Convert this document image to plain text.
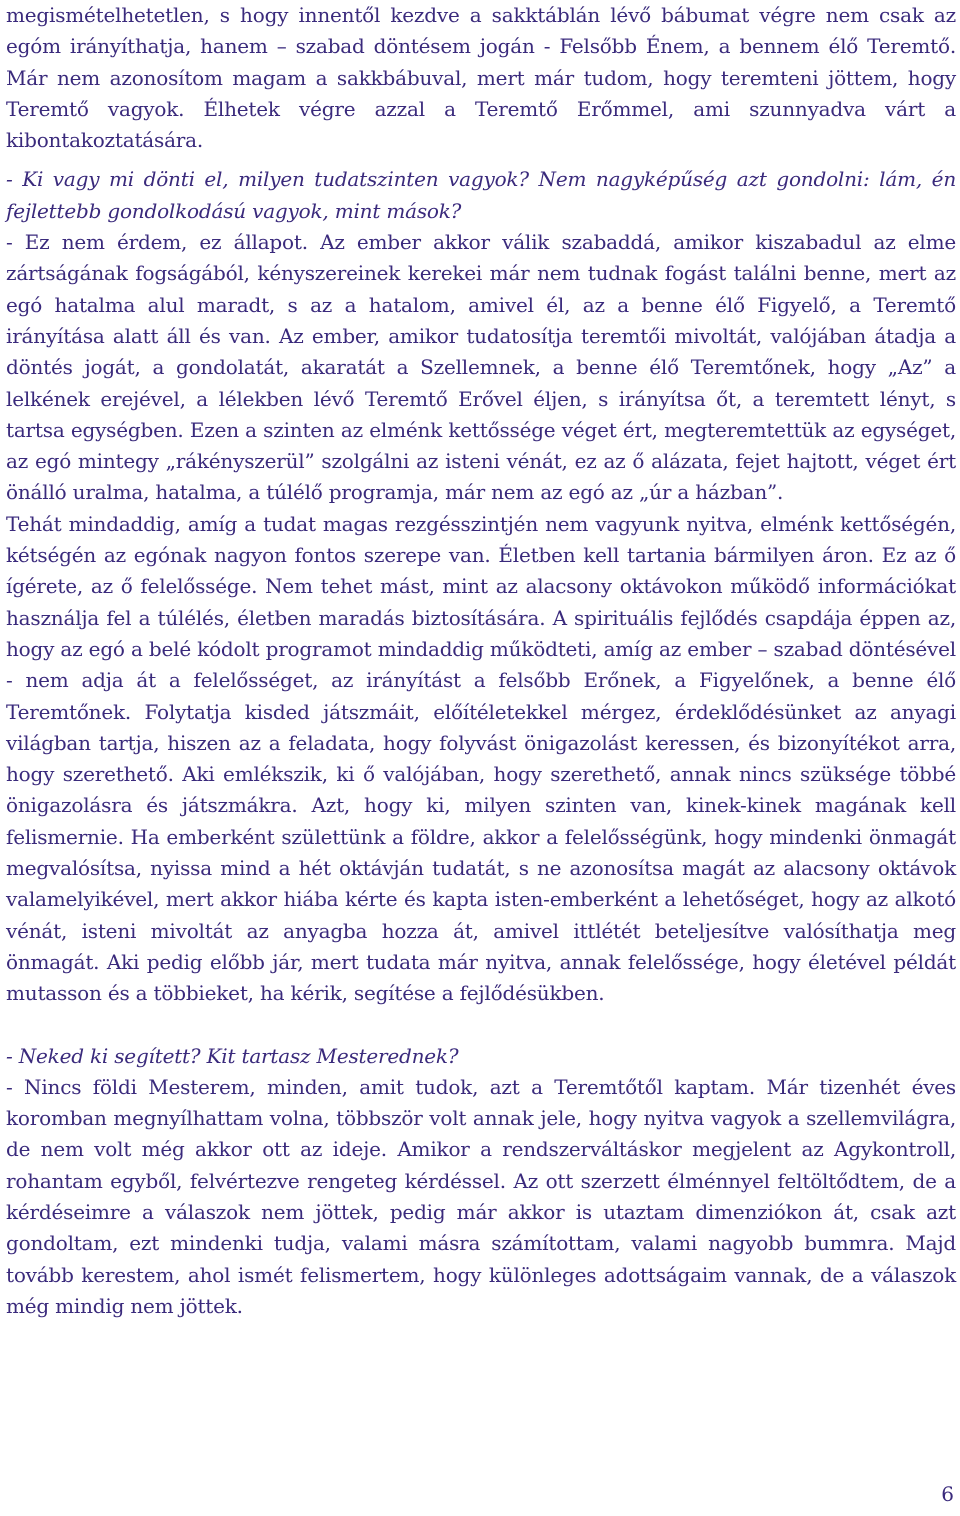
megismételhetetlen, s hogy innentől kezdve a sakktáblán lévő bábumat végre nem csak az egóm irányíthatja, hanem – szabad döntésem jogán - Felsőbb Énem, a bennem élő Teremtő. Már nem azonosítom magam a sakkbábuval, mert már tudom, hogy teremteni jöttem, hogy Teremtő vagyok. Élhetek végre azzal a Teremtő Erőmmel, ami szunnyadva várt a kibontakoztatására.

- Ki vagy mi dönti el, milyen tudatszinten vagyok? Nem nagyképűség azt gondolni: lám, én fejlettebb gondolkodású vagyok, mint mások?

- Ez nem érdem, ez állapot. Az ember akkor válik szabaddá, amikor kiszabadul az elme zártságának fogságából, kényszereinek kerekei már nem tudnak fogást találni benne, mert az egó hatalma alul maradt, s az a hatalom, amivel él, az a benne élő Figyelő, a Teremtő irányítása alatt áll és van. Az ember, amikor tudatosítja teremtői mivoltát, valójában átadja a döntés jogát, a gondolatát, akaratát a Szellemnek, a benne élő Teremtőnek, hogy „Az” a lelkének erejével, a lélekben lévő Teremtő Erővel éljen, s irányítsa őt, a teremtett lényt, s tartsa egységben. Ezen a szinten az elménk kettőssége véget ért, megteremtettük az egységet, az egó mintegy „rákényszerül” szolgálni az isteni vénát, ez az ő alázata, fejet hajtott, véget ért önálló uralma, hatalma, a túlélő programja, már nem az egó az „úr a házban”.

Tehát mindaddig, amíg a tudat magas rezgésszintjén nem vagyunk nyitva, elménk kettőségén, kétségén az egónak nagyon fontos szerepe van. Életben kell tartania bármilyen áron. Ez az ő ígérete, az ő felelőssége. Nem tehet mást, mint az alacsony oktávokon működő információkat használja fel a túlélés, életben maradás biztosítására. A spirituális fejlődés csapdája éppen az, hogy az egó a belé kódolt programot mindaddig működteti, amíg az ember – szabad döntésével - nem adja át a felelősséget, az irányítást a felsőbb Erőnek, a Figyelőnek, a benne élő Teremtőnek. Folytatja kisded játszmáit, előítéletekkel mérgez, érdeklődésünket az anyagi világban tartja, hiszen az a feladata, hogy folyvást önigazolást keressen, és bizonyítékot arra, hogy szerethető. Aki emlékszik, ki ő valójában, hogy szerethető, annak nincs szüksége többé önigazolásra és játszmákra. Azt, hogy ki, milyen szinten van, kinek-kinek magának kell felismernie. Ha emberként születtünk a földre, akkor a felelősségünk, hogy mindenki önmagát megvalósítsa, nyissa mind a hét oktávján tudatát, s ne azonosítsa magát az alacsony oktávok valamelyikével, mert akkor hiába kérte és kapta isten-emberként a lehetőséget, hogy az alkotó vénát, isteni mivoltát az anyagba hozza át, amivel ittlétét beteljesítve valósíthatja meg önmagát. Aki pedig előbb jár, mert tudata már nyitva, annak felelőssége, hogy életével példát mutasson és a többieket, ha kérik, segítése a fejlődésükben.

- Neked ki segített? Kit tartasz Mesterednek?

- Nincs földi Mesterem, minden, amit tudok, azt a Teremtőtől kaptam. Már tizenhét éves koromban megnyílhattam volna, többször volt annak jele, hogy nyitva vagyok a szellemvilágra, de nem volt még akkor ott az ideje. Amikor a rendszerváltáskor megjelent az Agykontroll, rohantam egyből, felvértezve rengeteg kérdéssel. Az ott szerzett élménnyel feltöltődtem, de a kérdéseimre a válaszok nem jöttek, pedig már akkor is utaztam dimenziókon át, csak azt gondoltam, ezt mindenki tudja, valami másra számítottam, valami nagyobb bummra. Majd tovább kerestem, ahol ismét felismertem, hogy különleges adottságaim vannak, de a válaszok még mindig nem jöttek.

6
